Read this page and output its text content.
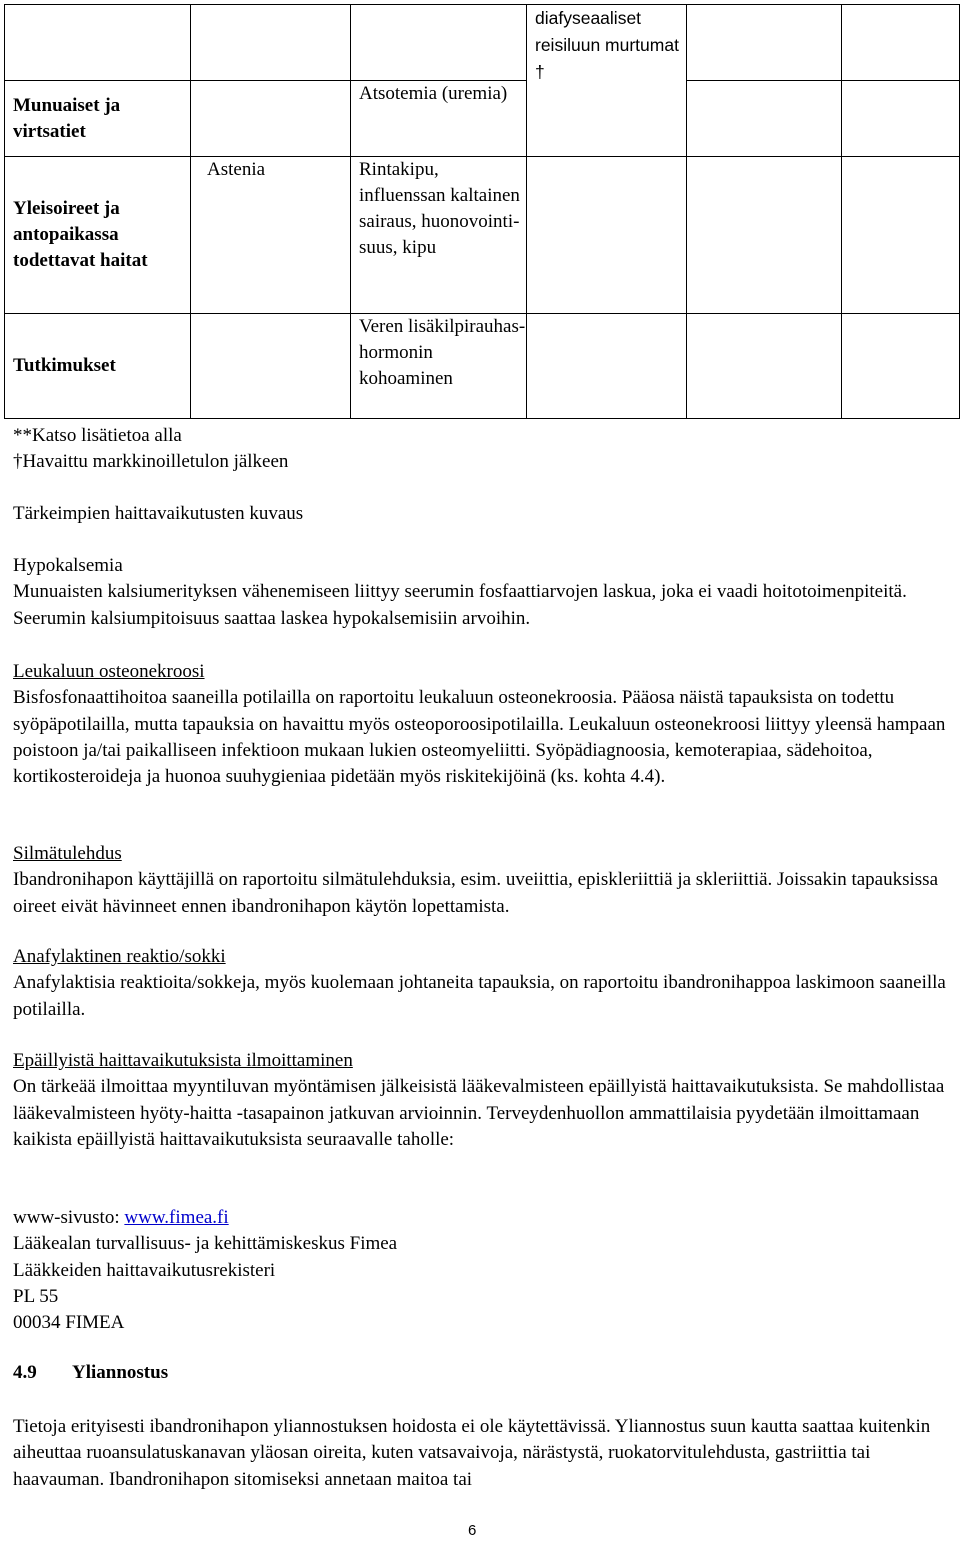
			diafyseaaliset reisiluun murtumat †		
Munuaiset ja virtsatiet		Atsotemia (uremia)			
Yleisoireet ja antopaikassa todettavat haitat	Astenia	Rintakipu, influenssan kaltainen sairaus, huonovointi-suus, kipu			
Tutkimukset		Veren lisäkilpirauhas-hormonin kohoaminen			
**Katso lisätietoa alla
†Havaittu markkinoilletulon jälkeen
Tärkeimpien haittavaikutusten kuvaus

Hypokalsemia

Munuaisten kalsiumerityksen vähenemiseen liittyy seerumin fosfaattiarvojen laskua, joka ei vaadi hoitotoimenpiteitä. Seerumin kalsiumpitoisuus saattaa laskea hypokalsemisiin arvoihin.

Leukaluun osteonekroosi

Bisfosfonaattihoitoa saaneilla potilailla on raportoitu leukaluun osteonekroosia. Pääosa näistä tapauksista on todettu syöpäpotilailla, mutta tapauksia on havaittu myös osteoporoosipotilailla. Leukaluun osteonekroosi liittyy yleensä hampaan poistoon ja/tai paikalliseen infektioon mukaan lukien osteomyeliitti. Syöpädiagnoosia, kemoterapiaa, sädehoitoa, kortikosteroideja ja huonoa suuhygieniaa pidetään myös riskitekijöinä (ks. kohta 4.4).

Silmätulehdus

Ibandronihapon käyttäjillä on raportoitu silmätulehduksia, esim. uveiittia, episkleriittiä ja skleriittiä. Joissakin tapauksissa oireet eivät hävinneet ennen ibandronihapon käytön lopettamista.

Anafylaktinen reaktio/sokki

Anafylaktisia reaktioita/sokkeja, myös kuolemaan johtaneita tapauksia, on raportoitu ibandronihappoa laskimoon saaneilla potilailla.

Epäillyistä haittavaikutuksista ilmoittaminen

On tärkeää ilmoittaa myyntiluvan myöntämisen jälkeisistä lääkevalmisteen epäillyistä haittavaikutuksista. Se mahdollistaa lääkevalmisteen hyöty-haitta -tasapainon jatkuvan arvioinnin. Terveydenhuollon ammattilaisia pyydetään ilmoittamaan kaikista epäillyistä haittavaikutuksista seuraavalle taholle:

www-sivusto: www.fimea.fi

Lääkealan turvallisuus- ja kehittämiskeskus Fimea

Lääkkeiden haittavaikutusrekisteri

PL 55

00034 FIMEA

4.9 Yliannostus
Tietoja erityisesti ibandronihapon yliannostuksen hoidosta ei ole käytettävissä. Yliannostus suun kautta saattaa kuitenkin aiheuttaa ruoansulatuskanavan yläosan oireita, kuten vatsavaivoja, närästystä, ruokatorvitulehdusta, gastriittia tai haavauman. Ibandronihapon sitomiseksi annetaan maitoa tai
6
